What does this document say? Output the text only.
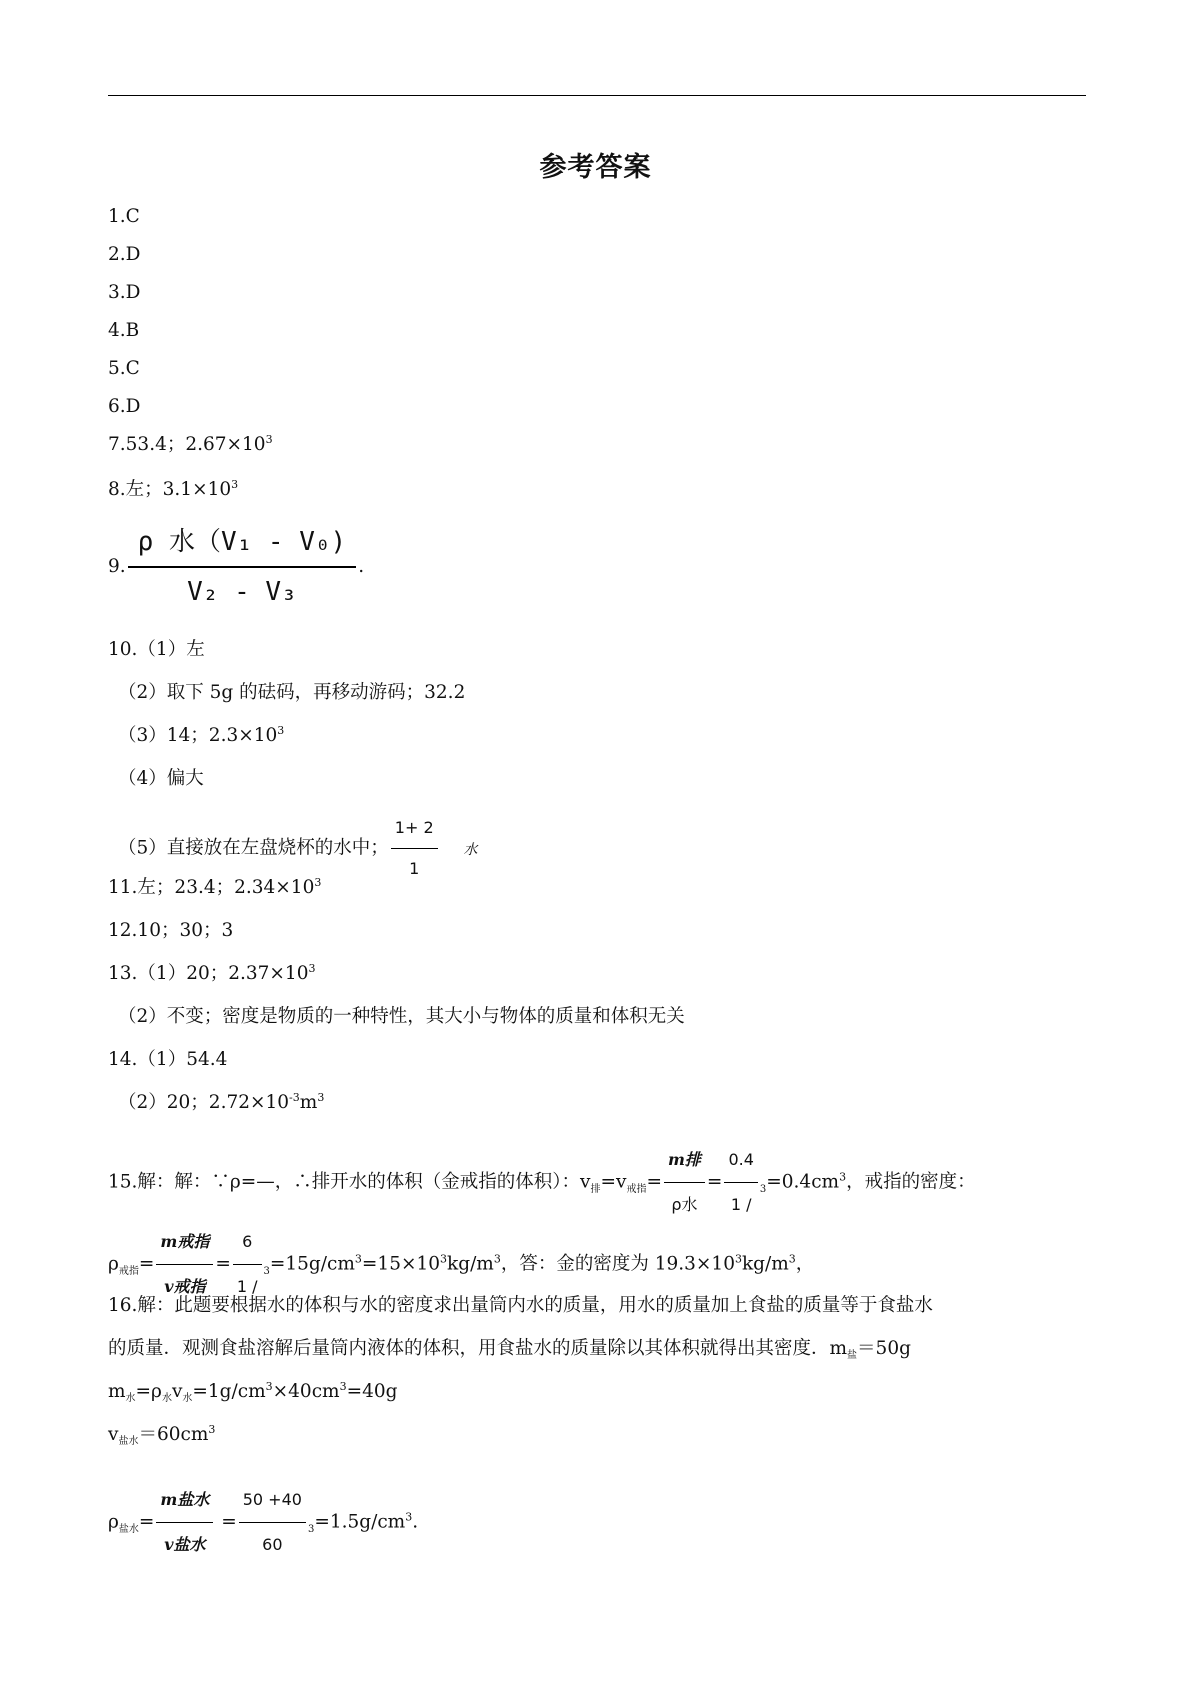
参考答案
1.C
2.D
3.D
4.B
5.C
6.D
7.53.4；$2.67\times 10^3$
8.左；$3.1\times 10^3$
9. $\frac{\text{ρ 水（V₁ - V₀)}}{\text{V₂ - V₃}}$ .
10.（1）左
（2）取下 5g 的砝码，再移动游码；32.2
（3）14；$2.3\times 10^3$
（4）偏大
（5）直接放在左盘烧杯的水中； $\frac{1+ 2}{1}$ 水
11.左；23.4；$2.34\times 10^3$
12.10；30；3
13.（1）20；$2.37\times 10^3$
（2）不变；密度是物质的一种特性，其大小与物体的质量和体积无关
14.（1）54.4
（2）20；$2.72\times 10^{-3}m^3$
15.解：解：∵ρ=—，∴排开水的体积（金戒指的体积）：$v_排=v_{戒指}= \frac{\text{m排}}{\text{ρ水}} = \frac{0.4}{1 /} _3=0.4cm^3$，戒指的密度：
$\rho_{戒指}= \frac{\text{m戒指}}{\text{v戒指}} = \frac{6}{1 /} _3=15g/cm^3=15\times 10^3kg/m^3$，答：金的密度为 $19.3\times 10^3kg/m^3$，
16.解：此题要根据水的体积与水的密度求出量筒内水的质量，用水的质量加上食盐的质量等于食盐水
的质量．观测食盐溶解后量筒内液体的体积，用食盐水的质量除以其体积就得出其密度．$m_盐=50g$
$m_水=\rho_水v_水=1g/cm^3\times 40cm^3=40g$
$v_{盐水}=60cm^3$
$\rho_{盐水}= \frac{\text{m盐水}}{\text{v盐水}} = \frac{50 +40}{60} _3=1.5g/cm^3$.
